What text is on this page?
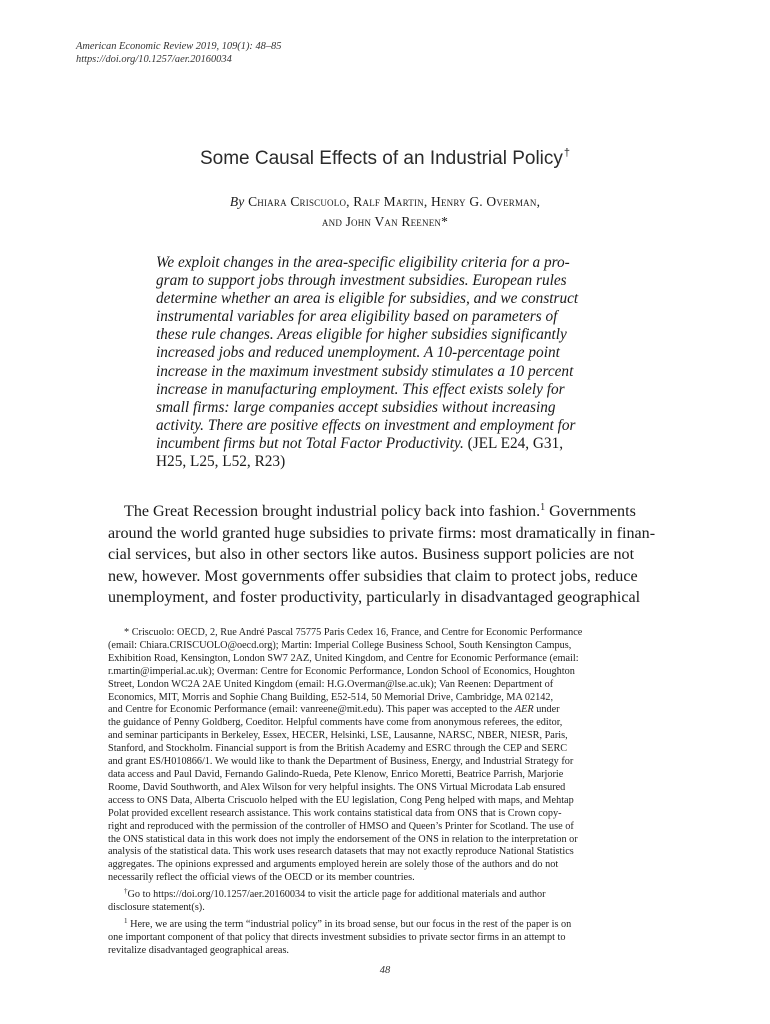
American Economic Review 2019, 109(1): 48–85
https://doi.org/10.1257/aer.20160034
Some Causal Effects of an Industrial Policy†
By Chiara Criscuolo, Ralf Martin, Henry G. Overman,
and John Van Reenen*
We exploit changes in the area-specific eligibility criteria for a pro-
gram to support jobs through investment subsidies. European rules
determine whether an area is eligible for subsidies, and we construct
instrumental variables for area eligibility based on parameters of
these rule changes. Areas eligible for higher subsidies significantly
increased jobs and reduced unemployment. A 10-percentage point
increase in the maximum investment subsidy stimulates a 10 percent
increase in manufacturing employment. This effect exists solely for
small firms: large companies accept subsidies without increasing
activity. There are positive effects on investment and employment for
incumbent firms but not Total Factor Productivity. (JEL E24, G31,
H25, L25, L52, R23)
The Great Recession brought industrial policy back into fashion.$^1$ Governments
around the world granted huge subsidies to private firms: most dramatically in finan-
cial services, but also in other sectors like autos. Business support policies are not
new, however. Most governments offer subsidies that claim to protect jobs, reduce
unemployment, and foster productivity, particularly in disadvantaged geographical
* Criscuolo: OECD, 2, Rue André Pascal 75775 Paris Cedex 16, France, and Centre for Economic Performance
(email: Chiara.CRISCUOLO@oecd.org); Martin: Imperial College Business School, South Kensington Campus,
Exhibition Road, Kensington, London SW7 2AZ, United Kingdom, and Centre for Economic Performance (email:
r.martin@imperial.ac.uk); Overman: Centre for Economic Performance, London School of Economics, Houghton
Street, London WC2A 2AE United Kingdom (email: H.G.Overman@lse.ac.uk); Van Reenen: Department of
Economics, MIT, Morris and Sophie Chang Building, E52-514, 50 Memorial Drive, Cambridge, MA 02142,
and Centre for Economic Performance (email: vanreene@mit.edu). This paper was accepted to the AER under
the guidance of Penny Goldberg, Coeditor. Helpful comments have come from anonymous referees, the editor,
and seminar participants in Berkeley, Essex, HECER, Helsinki, LSE, Lausanne, NARSC, NBER, NIESR, Paris,
Stanford, and Stockholm. Financial support is from the British Academy and ESRC through the CEP and SERC
and grant ES/H010866/1. We would like to thank the Department of Business, Energy, and Industrial Strategy for
data access and Paul David, Fernando Galindo-Rueda, Pete Klenow, Enrico Moretti, Beatrice Parrish, Marjorie
Roome, David Southworth, and Alex Wilson for very helpful insights. The ONS Virtual Microdata Lab ensured
access to ONS Data, Alberta Criscuolo helped with the EU legislation, Cong Peng helped with maps, and Mehtap
Polat provided excellent research assistance. This work contains statistical data from ONS that is Crown copy-
right and reproduced with the permission of the controller of HMSO and Queen’s Printer for Scotland. The use of
the ONS statistical data in this work does not imply the endorsement of the ONS in relation to the interpretation or
analysis of the statistical data. This work uses research datasets that may not exactly reproduce National Statistics
aggregates. The opinions expressed and arguments employed herein are solely those of the authors and do not
necessarily reflect the official views of the OECD or its member countries.
†Go to https://doi.org/10.1257/aer.20160034 to visit the article page for additional materials and author
disclosure statement(s).
$^1$ Here, we are using the term “industrial policy” in its broad sense, but our focus in the rest of the paper is on
one important component of that policy that directs investment subsidies to private sector firms in an attempt to
revitalize disadvantaged geographical areas.
48
